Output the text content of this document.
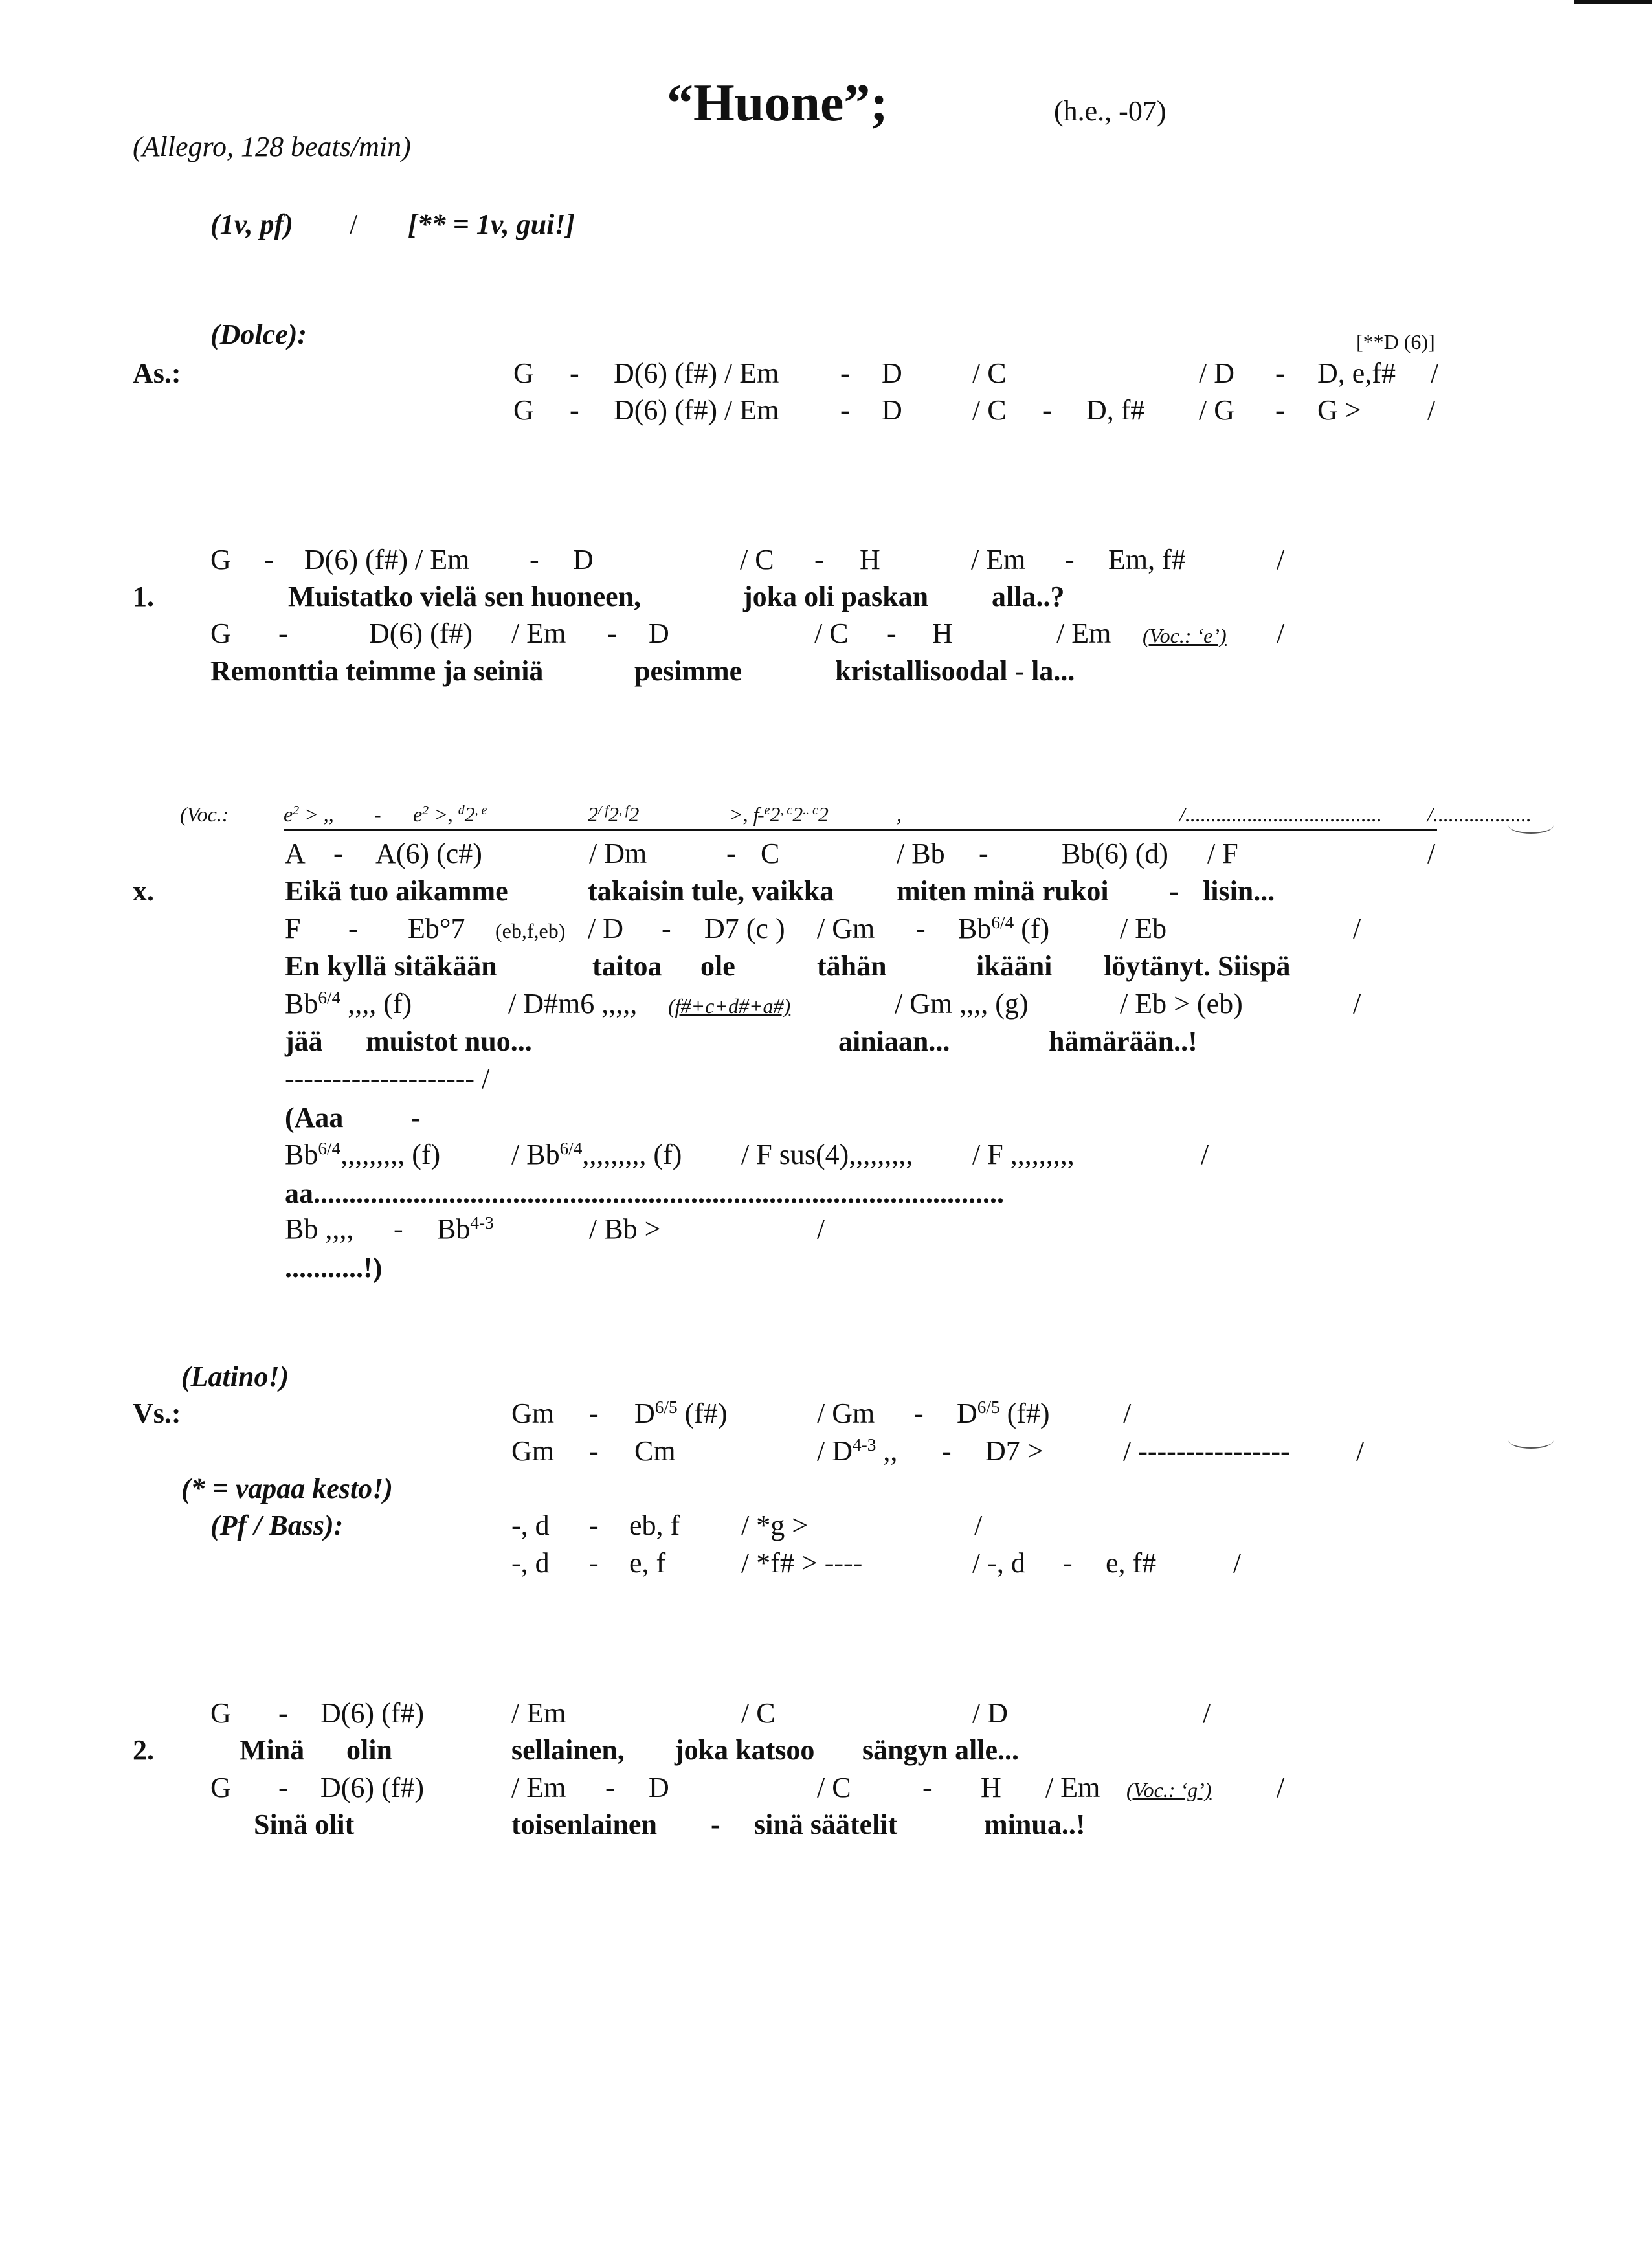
“Huone”;	(h.e., -07)
(Allegro, 128 beats/min)
(1v, pf) / [** = 1v, gui!]
(Dolce):
As.:
[**D (6)]
G - D(6) (f#) / Em - D / C	/ D - D, e,f# /
G - D(6) (f#) / Em - D / C - D, f# / G - G > /
G - D(6) (f#) / Em - D	/ C - H	/ Em - Em, f#	/
1.	Muistatko vielä sen huoneen,	joka oli paskan alla..?
G -	D(6) (f#) / Em - D	/ C - H	/ Em (Voc.: ‘e’) /
Remonttia teimme ja seiniä	pesimme	kristallisoodal - la...
(Voc.:	$e^2$ > ,, - $e^2$ >, $^d2^{, e}$	$2^{/ f}2^{, f}2$	>, f
$-^e2^{, c}2^{.. c}2$	,	/...................................... /...................
A - A(6) (c#)	/ Dm	- C	/ Bb -	Bb(6) (d) / F	/
x.	Eikä tuo aikamme	takaisin tule, vaikka miten minä rukoi - lisin...
F - Eb°7 (eb,f,eb) / D - D7 (c ) / Gm - $Bb^{6/4}$ (f) / Eb	/
En kyllä sitäkään	taitoa ole	tähän	ikääni löytänyt. Siispä
$Bb^{6/4}$ ,,,, (f)	/ D#m6 ,,,,, (f#+c+d#+a#)	/ Gm ,,,, (g)	/ Eb > (eb)	/
jää muistot nuo...	ainiaan...	hämärään..!
-------------------- /
(Aaa -
$Bb^{6/4}$,,,,,,,,, $(f) / Bb^{6/4}$,,,,,,,,, (f) / F sus(4),,,,,,,,, / F ,,,,,,,,,	/
aa.................................................................................................
Bb ,,,, - Bb$^{4-3}$	/ Bb >	/
...........!)
(Latino!)
Vs.:	Gm - $D^{6/5}$ (f#)	/ Gm - $D^{6/5}$ (f#)	/
Gm - Cm	/ $D^{4-3}$ ,, - D7 >	/ ---------------- /
(* = vapaa kesto!)
(Pf / Bass):	-, d - eb, f / *g >	/
-, d - e, f	/ *f# > ----	/ -, d - e, f#	/
G - D(6) (f#)	/ Em	/ C	/ D	/
2.	Minä olin	sellainen, joka katsoo sängyn alle...
G - D(6) (f#)	/ Em - D	/ C	- H / Em (Voc.: ‘g’) /
Sinä olit	toisenlainen - sinä säätelit	minua..!
